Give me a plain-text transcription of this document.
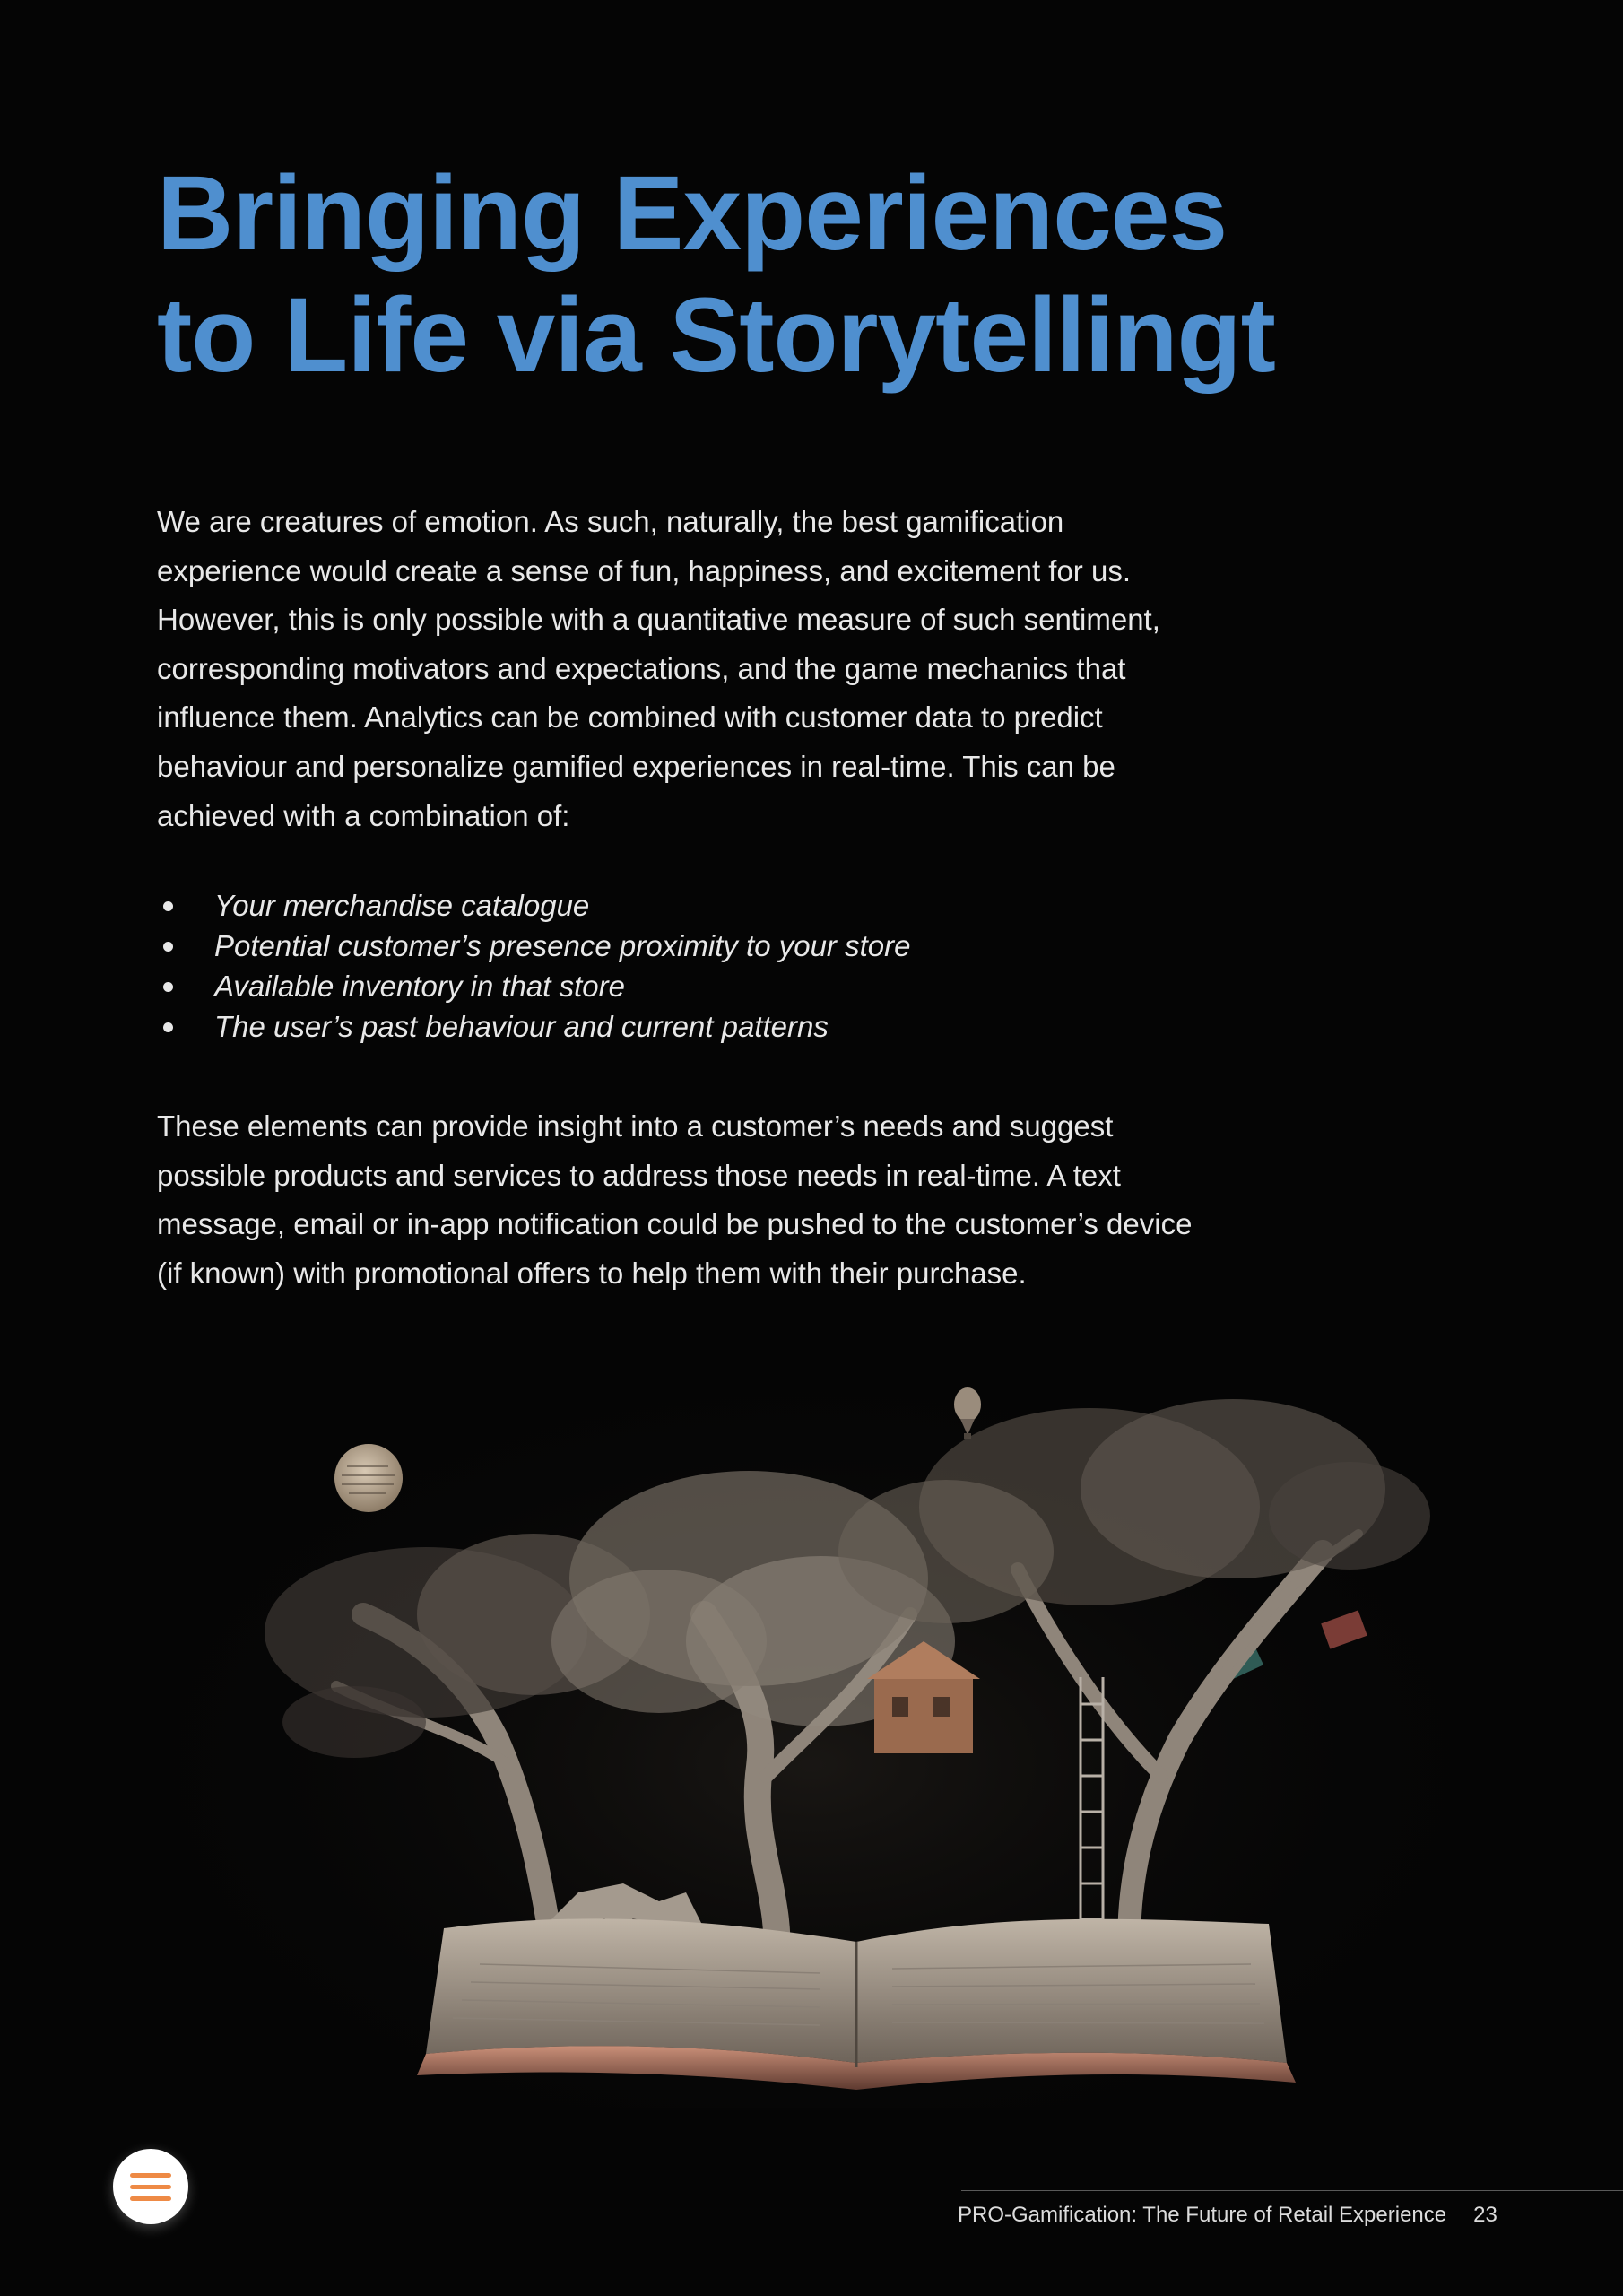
Bringing Experiences
to Life via Storytellingt

We are creatures of emotion. As such, naturally, the best gamification experience would create a sense of fun, happiness, and excitement for us. However, this is only possible with a quantitative measure of such sentiment, corresponding motivators and expectations, and the game mechanics that influence them. Analytics can be combined with customer data to predict behaviour and personalize gamified experiences in real-time. This can be achieved with a combination of:

Your merchandise catalogue
Potential customer’s presence proximity to your store
Available inventory in that store
The user’s past behaviour and current patterns

These elements can provide insight into a customer’s needs and suggest possible products and services to address those needs in real-time. A text message, email or in-app notification could be pushed to the customer’s device (if known) with promotional offers to help them with their purchase.

PRO-Gamification: The Future of Retail Experience 23
